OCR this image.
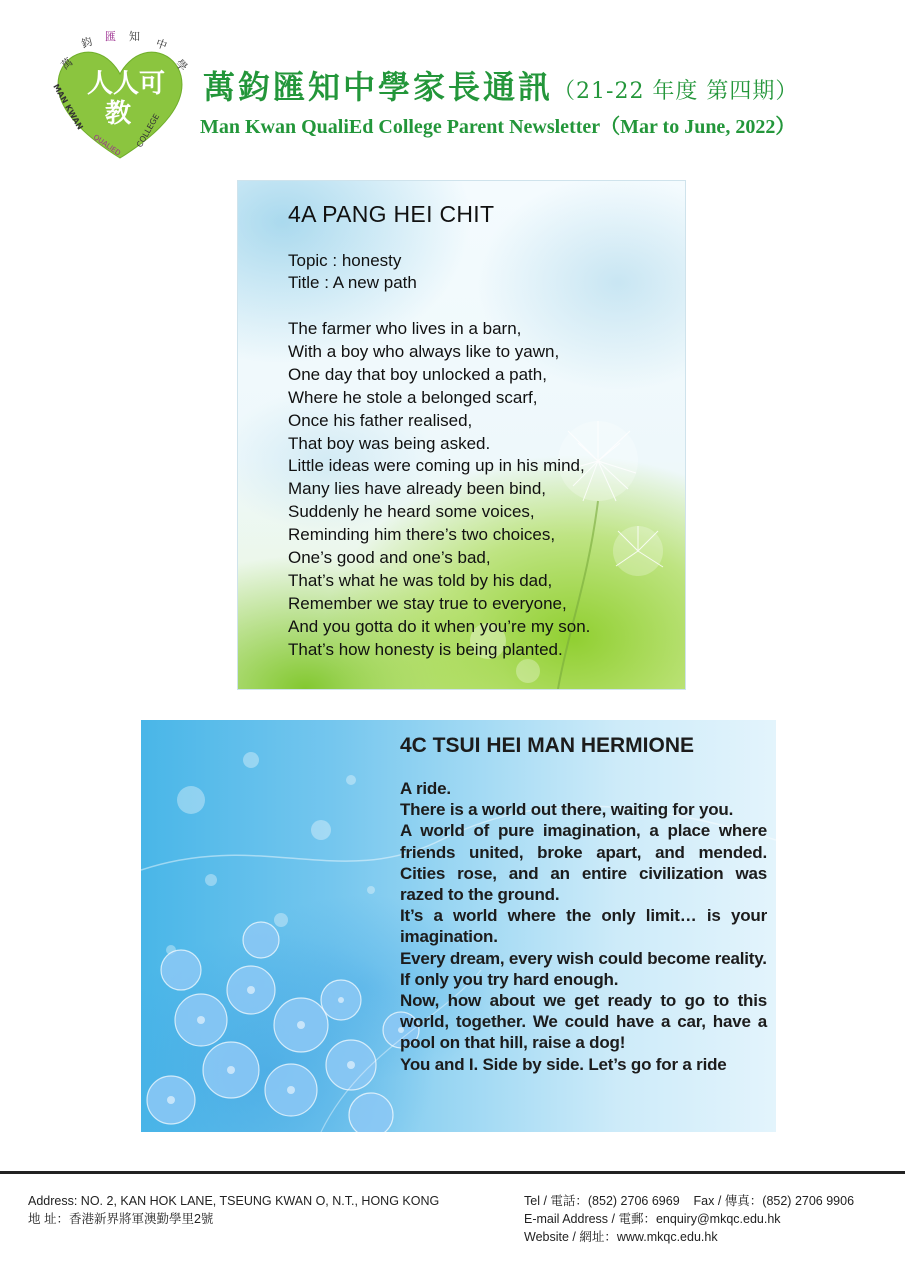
萬
鈞 匯 知
中
學
MAN KWAN
QUALIED COLLEGE
人人可
教
萬鈞匯知中學家長通訊（21-22 年度 第四期）
Man Kwan QualiEd College Parent Newsletter（Mar to June, 2022）
4A PANG HEI CHIT
Topic : honesty
Title : A new path
The farmer who lives in a barn,
With a boy who always like to yawn,
One day that boy unlocked a path,
Where he stole a belonged scarf,
Once his father realised,
That boy was being asked.
Little ideas were coming up in his mind,
Many lies have already been bind,
Suddenly he heard some voices,
Reminding him there’s two choices,
One’s good and one’s bad,
That’s what he was told by his dad,
Remember we stay true to everyone,
And you gotta do it when you’re my son.
That’s how honesty is being planted.
4C TSUI HEI MAN HERMIONE

A ride.

There is a world out there, waiting for you.

A world of pure imagination, a place where friends united, broke apart, and mended. Cities rose, and an entire civilization was razed to the ground.

It’s a world where the only limit… is your imagination.

Every dream, every wish could become reality.

If only you try hard enough.

Now, how about we get ready to go to this world, together. We could have a car, have a pool on that hill, raise a dog!

You and I. Side by side. Let’s go for a ride

Address: NO. 2, KAN HOK LANE, TSEUNG KWAN O, N.T., HONG KONG
地 址：香港新界將軍澳勤學里2號
Tel / 電話：(852) 2706 6969    Fax / 傳真：(852) 2706 9906
E-mail Address / 電郵：enquiry@mkqc.edu.hk
Website / 網址：www.mkqc.edu.hk
